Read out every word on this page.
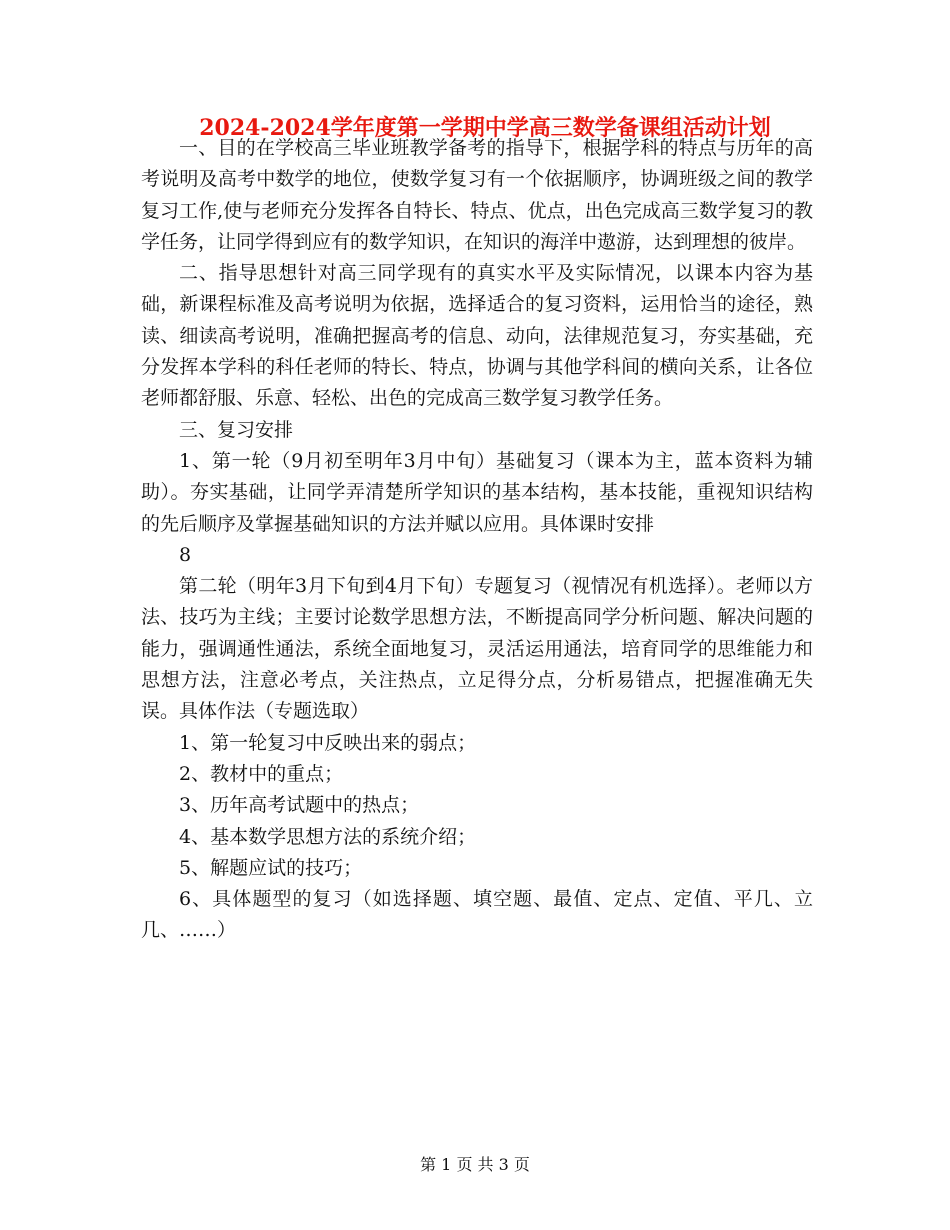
2024-2024学年度第一学期中学高三数学备课组活动计划

一、目的在学校高三毕业班教学备考的指导下，根据学科的特点与历年的高考说明及高考中数学的地位，使数学复习有一个依据顺序，协调班级之间的教学复习工作,使与老师充分发挥各自特长、特点、优点，出色完成高三数学复习的教学任务，让同学得到应有的数学知识，在知识的海洋中遨游，达到理想的彼岸。

二、指导思想针对高三同学现有的真实水平及实际情况，以课本内容为基础，新课程标准及高考说明为依据，选择适合的复习资料，运用恰当的途径，熟读、细读高考说明，准确把握高考的信息、动向，法律规范复习，夯实基础，充分发挥本学科的科任老师的特长、特点，协调与其他学科间的横向关系，让各位老师都舒服、乐意、轻松、出色的完成高三数学复习教学任务。

三、复习安排

1、第一轮（9月初至明年3月中旬）基础复习（课本为主，蓝本资料为辅助）。夯实基础，让同学弄清楚所学知识的基本结构，基本技能，重视知识结构的先后顺序及掌握基础知识的方法并赋以应用。具体课时安排

8

第二轮（明年3月下旬到4月下旬）专题复习（视情况有机选择）。老师以方法、技巧为主线；主要讨论数学思想方法，不断提高同学分析问题、解决问题的能力，强调通性通法，系统全面地复习，灵活运用通法，培育同学的思维能力和思想方法，注意必考点，关注热点，立足得分点，分析易错点，把握准确无失误。具体作法（专题选取）

1、第一轮复习中反映出来的弱点；

2、教材中的重点；

3、历年高考试题中的热点；

4、基本数学思想方法的系统介绍；

5、解题应试的技巧；

6、具体题型的复习（如选择题、填空题、最值、定点、定值、平几、立几、……）

第 1 页 共 3 页
